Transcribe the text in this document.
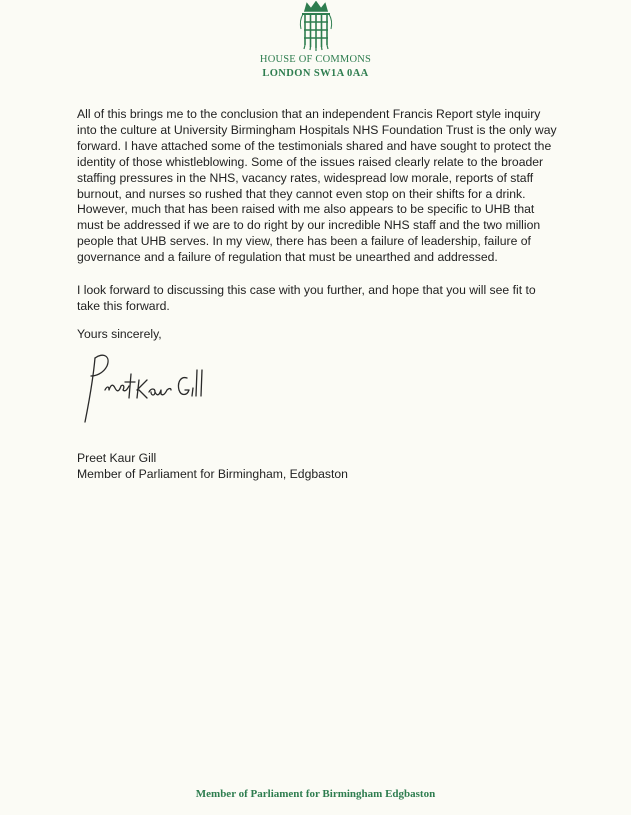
HOUSE OF COMMONS
LONDON SW1A 0AA

All of this brings me to the conclusion that an independent Francis Report style inquiry into the culture at University Birmingham Hospitals NHS Foundation Trust is the only way forward. I have attached some of the testimonials shared and have sought to protect the identity of those whistleblowing. Some of the issues raised clearly relate to the broader staffing pressures in the NHS, vacancy rates, widespread low morale, reports of staff burnout, and nurses so rushed that they cannot even stop on their shifts for a drink. However, much that has been raised with me also appears to be specific to UHB that must be addressed if we are to do right by our incredible NHS staff and the two million people that UHB serves. In my view, there has been a failure of leadership, failure of governance and a failure of regulation that must be unearthed and addressed.

I look forward to discussing this case with you further, and hope that you will see fit to take this forward.

Yours sincerely,

Preet Kaur Gill
Member of Parliament for Birmingham, Edgbaston
Member of Parliament for Birmingham Edgbaston
